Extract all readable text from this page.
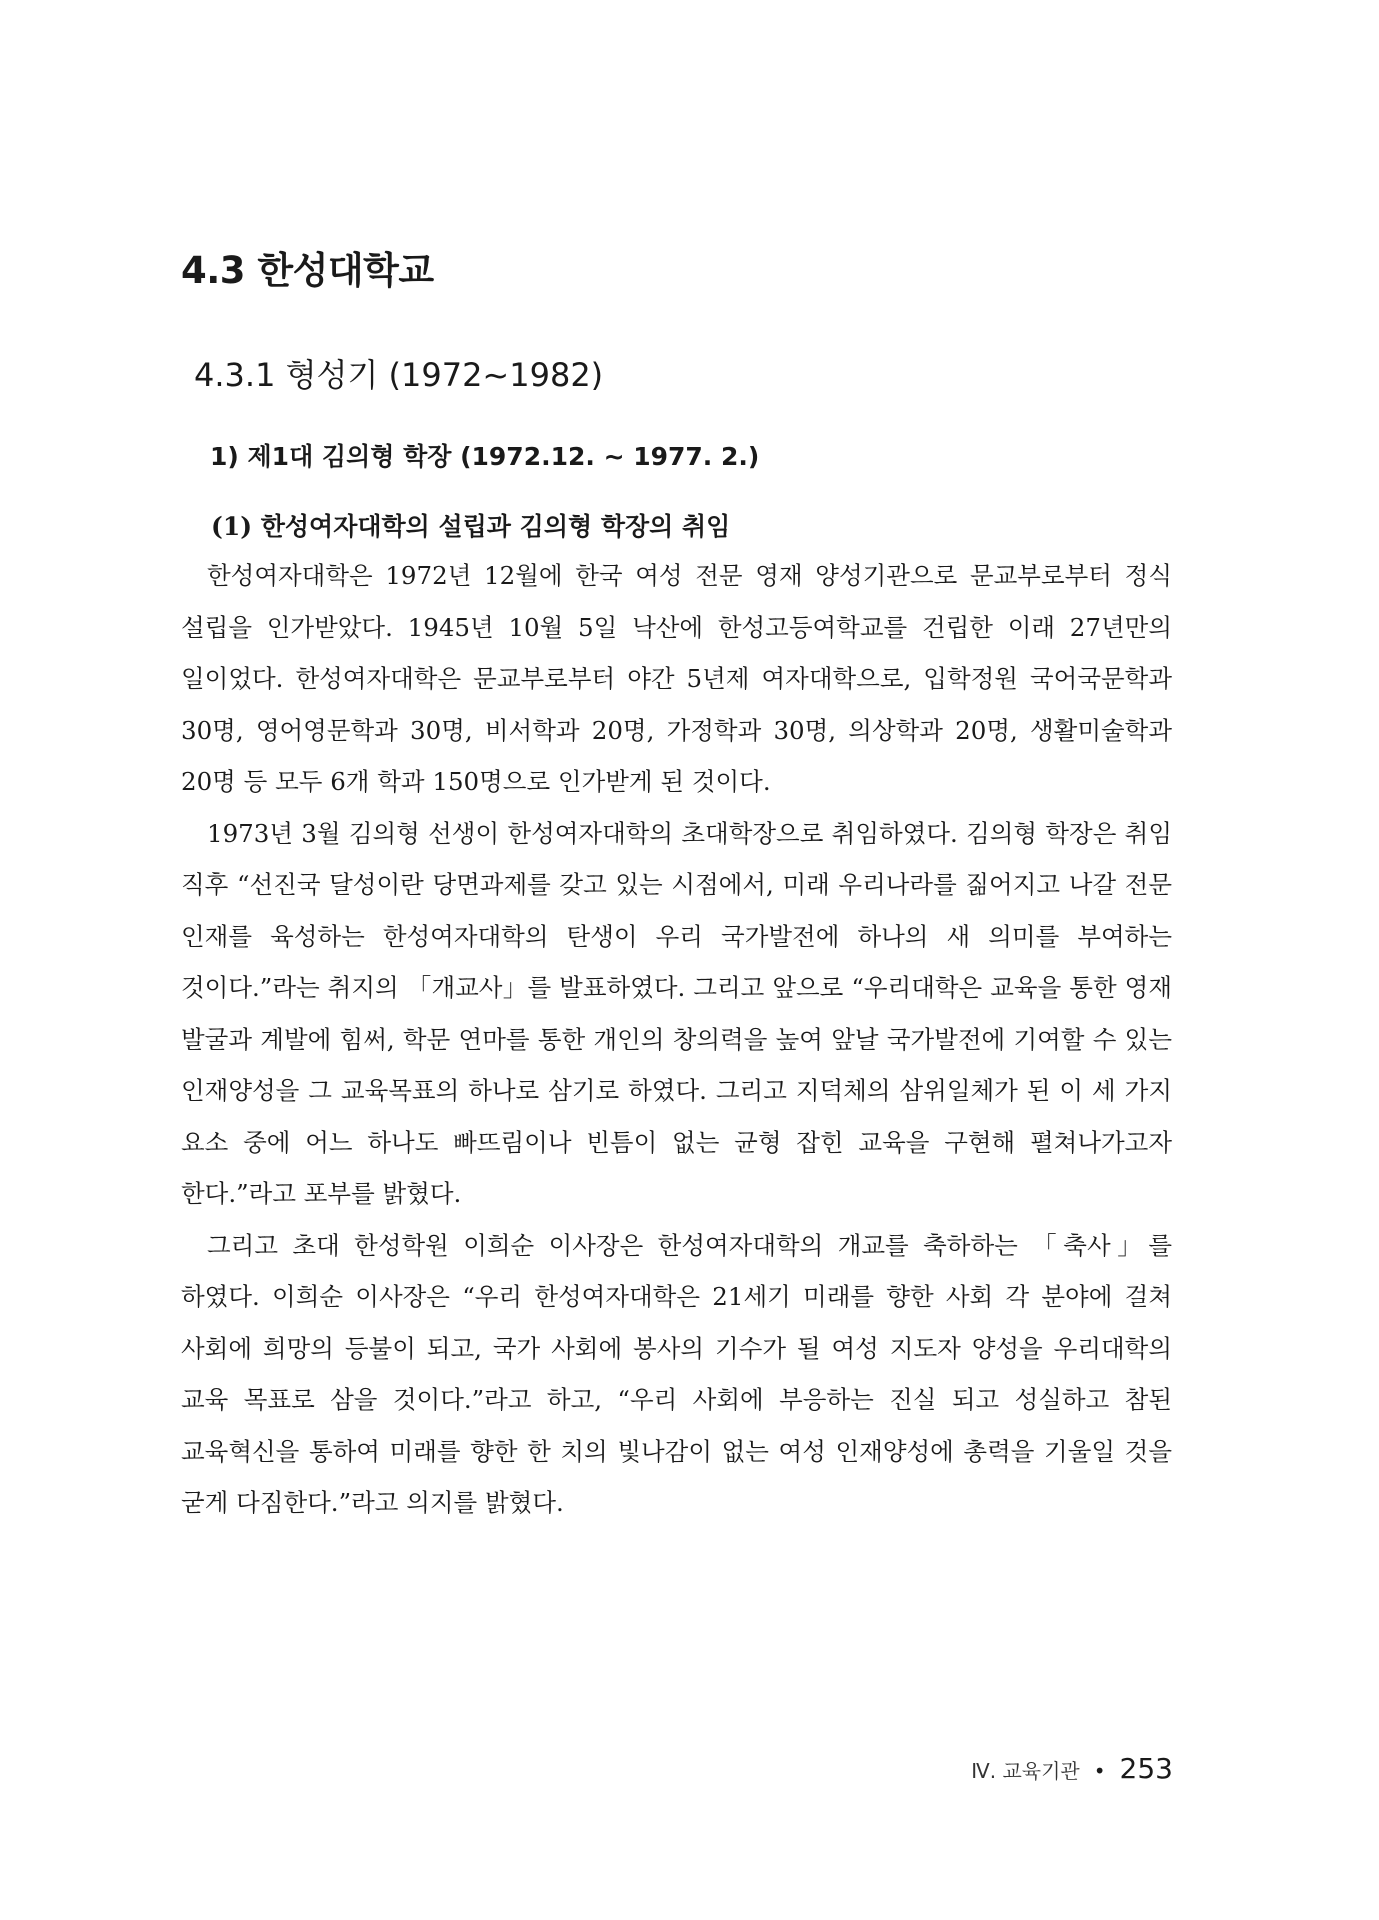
4.3 한성대학교
4.3.1 형성기 (1972~1982)
1) 제1대 김의형 학장 (1972.12. ~ 1977. 2.)
(1) 한성여자대학의 설립과 김의형 학장의 취임

한성여자대학은 1972년 12월에 한국 여성 전문 영재 양성기관으로 문교부로부터 정식 설립을 인가받았다. 1945년 10월 5일 낙산에 한성고등여학교를 건립한 이래 27년만의 일이었다. 한성여자대학은 문교부로부터 야간 5년제 여자대학으로, 입학정원 국어국문학과 30명, 영어영문학과 30명, 비서학과 20명, 가정학과 30명, 의상학과 20명, 생활미술학과 20명 등 모두 6개 학과 150명으로 인가받게 된 것이다.

1973년 3월 김의형 선생이 한성여자대학의 초대학장으로 취임하였다. 김의형 학장은 취임 직후 “선진국 달성이란 당면과제를 갖고 있는 시점에서, 미래 우리나라를 짊어지고 나갈 전문 인재를 육성하는 한성여자대학의 탄생이 우리 국가발전에 하나의 새 의미를 부여하는 것이다.”라는 취지의 「개교사」를 발표하였다. 그리고 앞으로 “우리대학은 교육을 통한 영재 발굴과 계발에 힘써, 학문 연마를 통한 개인의 창의력을 높여 앞날 국가발전에 기여할 수 있는 인재양성을 그 교육목표의 하나로 삼기로 하였다. 그리고 지덕체의 삼위일체가 된 이 세 가지 요소 중에 어느 하나도 빠뜨림이나 빈틈이 없는 균형 잡힌 교육을 구현해 펼쳐나가고자 한다.”라고 포부를 밝혔다.

그리고 초대 한성학원 이희순 이사장은 한성여자대학의 개교를 축하하는 「축사」를 하였다. 이희순 이사장은 “우리 한성여자대학은 21세기 미래를 향한 사회 각 분야에 걸쳐 사회에 희망의 등불이 되고, 국가 사회에 봉사의 기수가 될 여성 지도자 양성을 우리대학의 교육 목표로 삼을 것이다.”라고 하고, “우리 사회에 부응하는 진실 되고 성실하고 참된 교육혁신을 통하여 미래를 향한 한 치의 빛나감이 없는 여성 인재양성에 총력을 기울일 것을 굳게 다짐한다.”라고 의지를 밝혔다.

Ⅳ. 교육기관 • 253
